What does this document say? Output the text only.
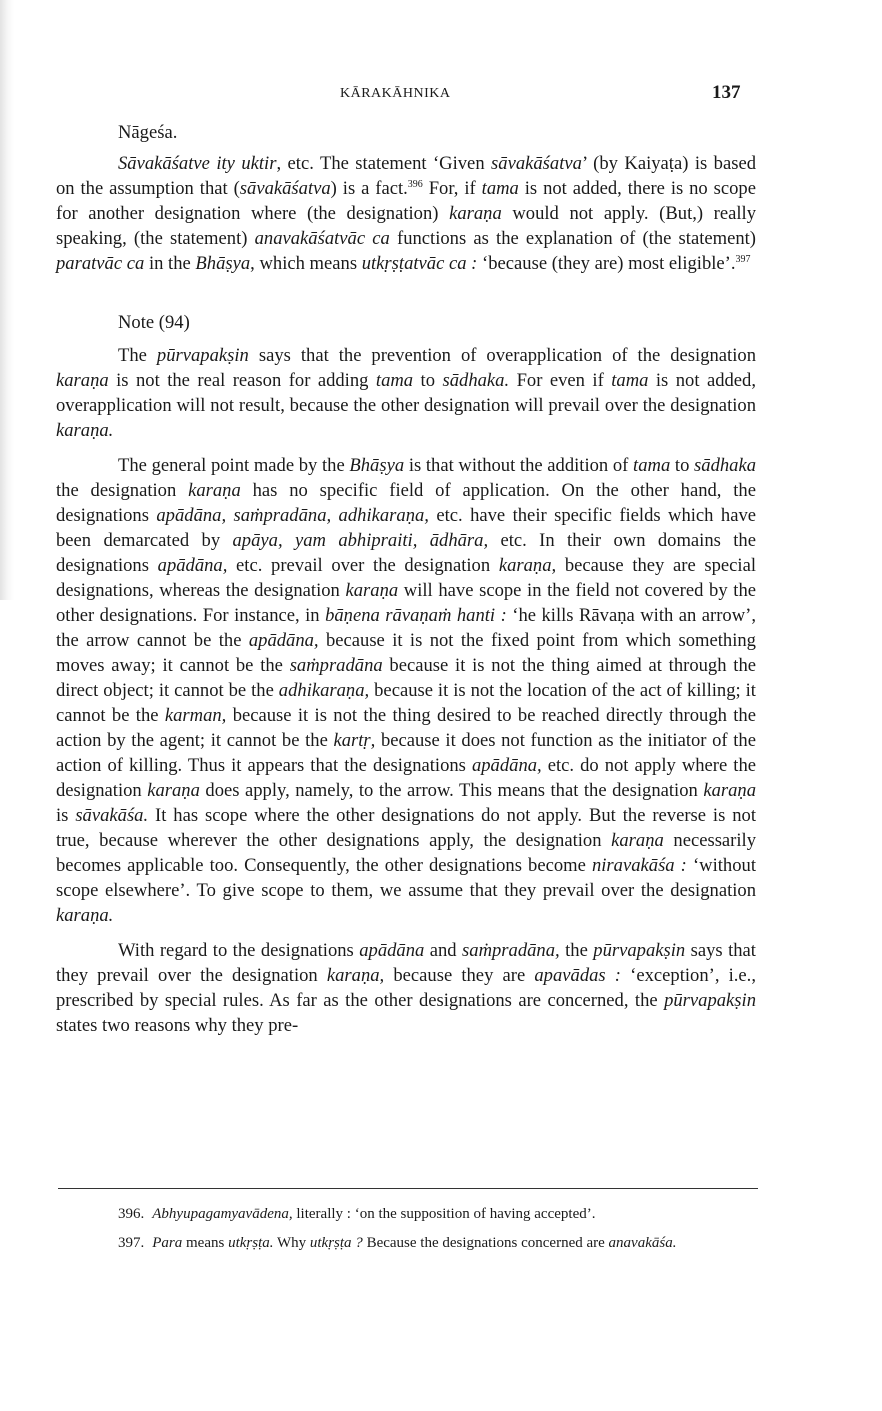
KĀRAKĀHNIKA	137

Nāgeśa.

Sāvakāśatve ity uktir, etc. The statement ‘Given sāvakāśatva’ (by Kaiyaṭa) is based on the assumption that (sāvakāśatva) is a fact.$^{396}$ For, if tama is not added, there is no scope for another designation where (the designation) karaṇa would not apply. (But,) really speaking, (the statement) anavakāśatvāc ca functions as the explanation of (the statement) paratvāc ca in the Bhāṣya, which means utkṛṣṭatvāc ca : ‘because (they are) most eligible’.$^{397}$

Note (94)

The pūrvapakṣin says that the prevention of overapplication of the designation karaṇa is not the real reason for adding tama to sādhaka. For even if tama is not added, overapplication will not result, because the other designation will prevail over the designation karaṇa.

The general point made by the Bhāṣya is that without the addition of tama to sādhaka the designation karaṇa has no specific field of application. On the other hand, the designations apādāna, saṁpradāna, adhikaraṇa, etc. have their specific fields which have been demarcated by apāya, yam abhipraiti, ādhāra, etc. In their own domains the designations apādāna, etc. prevail over the designation karaṇa, because they are special designations, whereas the designation karaṇa will have scope in the field not covered by the other designations. For instance, in bāṇena rāvaṇaṁ hanti : ‘he kills Rāvaṇa with an arrow’, the arrow cannot be the apādāna, because it is not the fixed point from which something moves away; it cannot be the saṁpradāna because it is not the thing aimed at through the direct object; it cannot be the adhikaraṇa, because it is not the location of the act of killing; it cannot be the karman, because it is not the thing desired to be reached directly through the action by the agent; it cannot be the kartṛ, because it does not function as the initiator of the action of killing. Thus it appears that the designations apādāna, etc. do not apply where the designation karaṇa does apply, namely, to the arrow. This means that the designation karaṇa is sāvakāśa. It has scope where the other designations do not apply. But the reverse is not true, because wherever the other designations apply, the designation karaṇa necessarily becomes applicable too. Consequently, the other designations become niravakāśa : ‘without scope elsewhere’. To give scope to them, we assume that they prevail over the designation karaṇa.

With regard to the designations apādāna and saṁpradāna, the pūrvapakṣin says that they prevail over the designation karaṇa, because they are apavādas : ‘exception’, i.e., prescribed by special rules. As far as the other designations are concerned, the pūrvapakṣin states two reasons why they pre-

396. Abhyupagamyavādena, literally : ‘on the supposition of having accepted’.

397. Para means utkṛṣṭa. Why utkṛṣṭa ? Because the designations concerned are anavakāśa.
